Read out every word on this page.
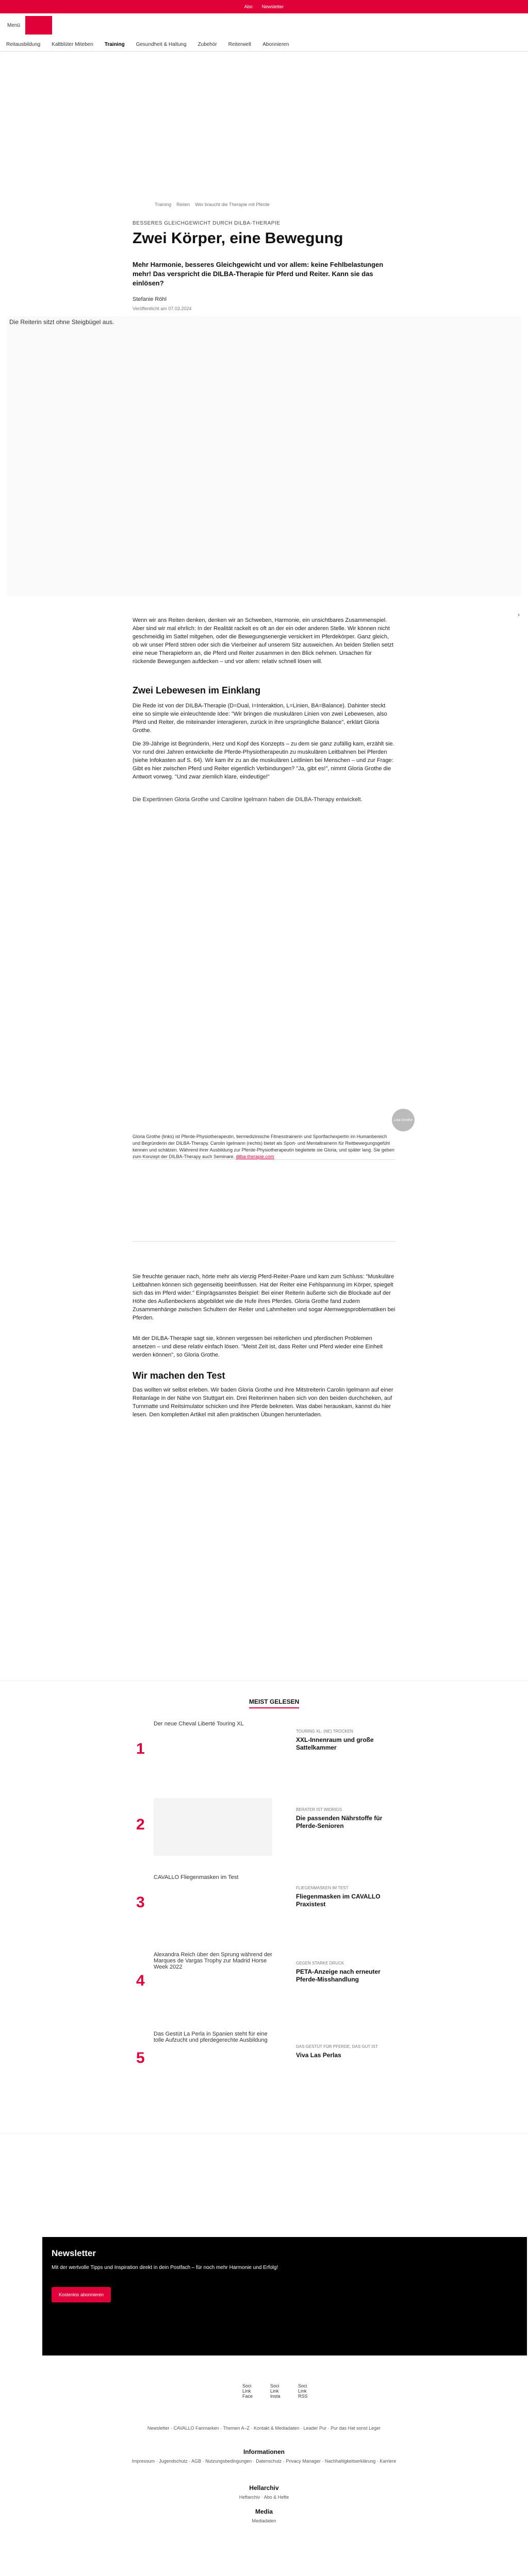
Abo Newsletter
Menü
Reitausbildung Kaltblüter Miteben Training Gesundheit & Haltung Zubehör Reiterwelt Abonnieren
Training Reiten Wer braucht die Therapie mit Pferde
BESSERES GLEICHGEWICHT DURCH DILBA-THERAPIE
Zwei Körper, eine Bewegung

Mehr Harmonie, besseres Gleichgewicht und vor allem: keine Fehlbelastungen mehr! Das verspricht die DILBA-Therapie für Pferd und Reiter. Kann sie das einlösen?

Stefanie Röhl
Veröffentlicht am 07.03.2024
Die Reiterin sitzt ohne Steigbügel aus.
›

Wenn wir ans Reiten denken, denken wir an Schweben, Harmonie, ein unsichtbares Zusammenspiel. Aber sind wir mal ehrlich: In der Realität rackelt es oft an der ein oder anderen Stelle. Wir können nicht geschmeidig im Sattel mitgehen, oder die Bewegungsenergie versickert im Pferdekörper. Ganz gleich, ob wir unser Pferd stören oder sich die Vierbeiner auf unserem Sitz ausweichen. An beiden Stellen setzt eine neue Therapieform an, die Pferd und Reiter zusammen in den Blick nehmen. Ursachen für rückende Bewegungen aufdecken – und vor allem: relativ schnell lösen will.

Zwei Lebewesen im Einklang

Die Rede ist von der DILBA-Therapie (D=Dual, I=Interaktion, L=Linien, BA=Balance). Dahinter steckt eine so simple wie einleuchtende Idee: "Wir bringen die muskulären Linien von zwei Lebewesen, also Pferd und Reiter, die miteinander interagieren, zurück in ihre ursprüngliche Balance", erklärt Gloria Grothe.

Die 39-Jährige ist Begründerin, Herz und Kopf des Konzepts – zu dem sie ganz zufällig kam, erzählt sie. Vor rund drei Jahren entwickelte die Pferde-Physiotherapeutin zu muskulären Leitbahnen bei Pferden (siehe Infokasten auf S. 64). Wir kam ihr zu an die muskulären Leitlinien bei Menschen – und zur Frage: Gibt es hier zwischen Pferd und Reiter eigentlich Verbindungen? "Ja, gibt es!", nimmt Gloria Grothe die Antwort vorweg. "Und zwar ziemlich klare, eindeutige!"

Die Expertinnen Gloria Grothe und Caroline Igelmann haben die DILBA-Therapy entwickelt.
Lisa Grothe
Gloria Grothe (links) ist Pferde-Physiotherapeutin, tiermedizinische Fitnesstrainerin und Sportfachexpertin im Humanbereich und Begründerin der DILBA-Therapy. Carolin Igelmann (rechts) bietet als Sport- und Mentaltrainerin für Reitbewegungsgefühl kennen und schätzen. Während ihrer Ausbildung zur Pferde-Physiotherapeutin begleitete sie Gloria, und später lang. Sie geben zum Konzept der DILBA-Therapy auch Seminare. dilba-therapie.com

Sie freuchte genauer nach, hörte mehr als vierzig Pferd-Reiter-Paare und kam zum Schluss: "Muskuläre Leitbahnen können sich gegenseitig beeinflussen. Hat der Reiter eine Fehlspannung im Körper, spiegelt sich das im Pferd wider." Einprägsamstes Beispiel: Bei einer Reiterin äußerte sich die Blockade auf der Höhe des Außenbeckens abgebildet wie die Hufe ihres Pferdes. Gloria Grothe fand zudem Zusammenhänge zwischen Schultern der Reiter und Lahmheiten und sogar Atemwegsproblematiken bei Pferden.

Mit der DILBA-Therapie sagt sie, können vergessen bei reiterlichen und pferdischen Problemen ansetzen – und diese relativ einfach lösen. "Meist Zeit ist, dass Reiter und Pferd wieder eine Einheit werden können", so Gloria Grothe.

Wir machen den Test

Das wollten wir selbst erleben. Wir baden Gloria Grothe und ihre Mitstreiterin Carolin Igelmann auf einer Reitanlage in der Nähe von Stuttgart ein. Drei Reiterinnen haben sich von den beiden durchcheken, auf Turnmatte und Reitsimulator schicken und ihre Pferde bekneten. Was dabei herauskam, kannst du hier lesen. Den kompletten Artikel mit allen praktischen Übungen herunterladen.

MEIST GELESEN
1
Der neue Cheval Liberté Touring XL
TOURING XL: (NE) TROCKEN
XXL-Innenraum und große Sattelkammer
2
BERATER IST WIDRIGS
Die passenden Nährstoffe für Pferde-Senioren
3
CAVALLO Fliegenmasken im Test
FLIEGENMASKEN IM TEST
Fliegenmasken im CAVALLO Praxistest
4
Alexandra Reich über den Sprung während der Marques de Vargas Trophy zur Madrid Horse Week 2022
GEGEN STARKE DRUCK
PETA-Anzeige nach erneuter Pferde-Misshandlung
5
Das Gestüt La Perla in Spanien steht für eine tolle Aufzucht und pferdegerechte Ausbildung
DAS GESTÜT FÜR PFERDE, DAS GUT IST
Viva Las Perlas
Newsletter
Mit der wertvolle Tipps und Inspiration direkt in dein Postfach – für noch mehr Harmonie und Erfolg!
Kostenlos abonnieren
Soci Link Face
Soci Link Insta
Soci Link RSS
Newsletter · CAVALLO Fanmarken · Themen A–Z · Kontakt & Mediadaten · Leader Pur · Pur das Hat sonst Leger
Informationen
Impressum · Jugendschutz · AGB · Nutzungsbedingungen · Datenschutz · Privacy Manager · Nachhaltigkeitserklärung · Karriere
Hellarchiv
Heftarchiv · Abo & Hefte
Media
Mediadaten
